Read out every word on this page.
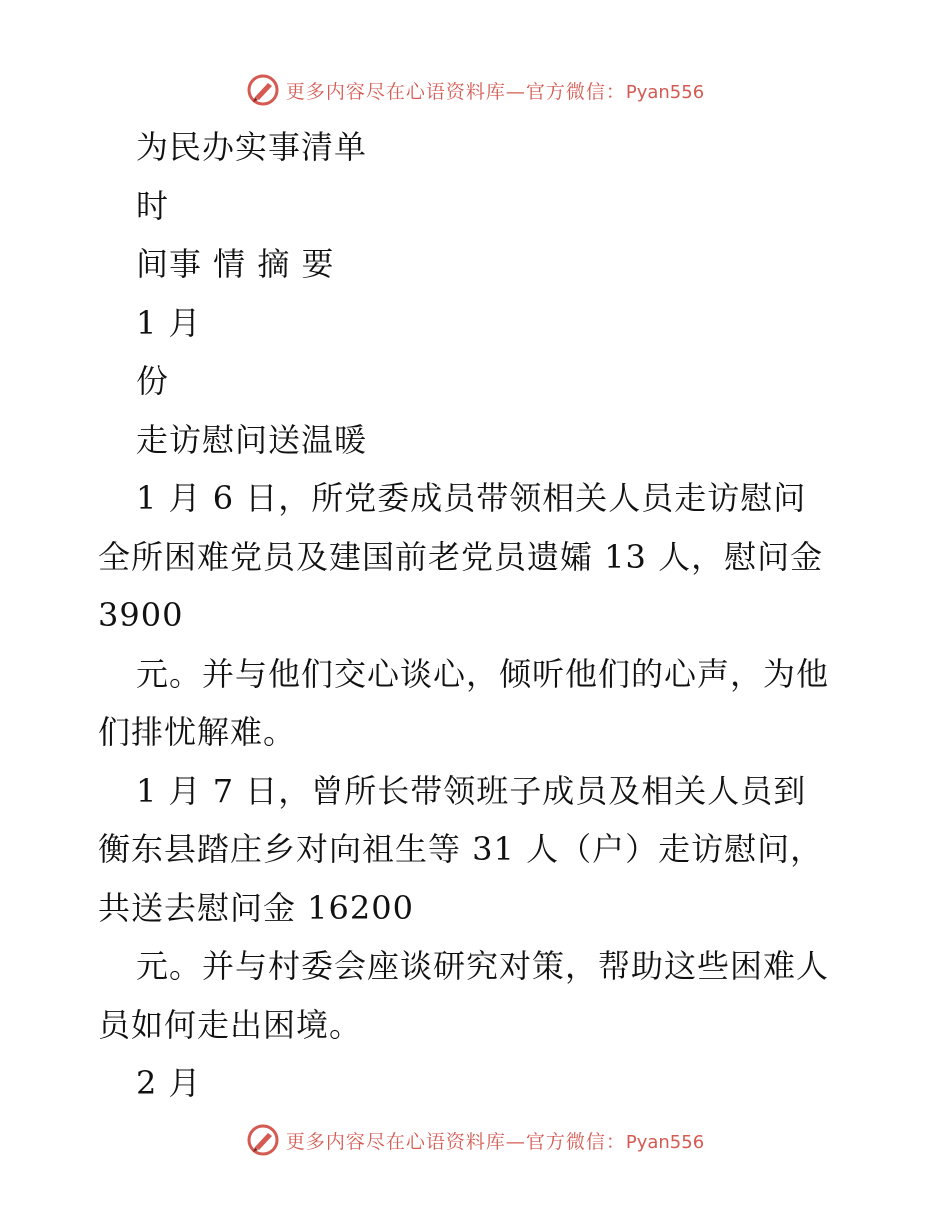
更多内容尽在心语资料库—官方微信：Pyan556
为民办实事清单
时
间事 情 摘 要
1 月
份
走访慰问送温暖
1 月 6 日，所党委成员带领相关人员走访慰问
全所困难党员及建国前老党员遗孀 13 人，慰问金
3900
元。并与他们交心谈心，倾听他们的心声，为他
们排忧解难。
1 月 7 日，曾所长带领班子成员及相关人员到
衡东县踏庄乡对向祖生等 31 人（户）走访慰问，
共送去慰问金 16200
元。并与村委会座谈研究对策，帮助这些困难人
员如何走出困境。
2 月
更多内容尽在心语资料库—官方微信：Pyan556
